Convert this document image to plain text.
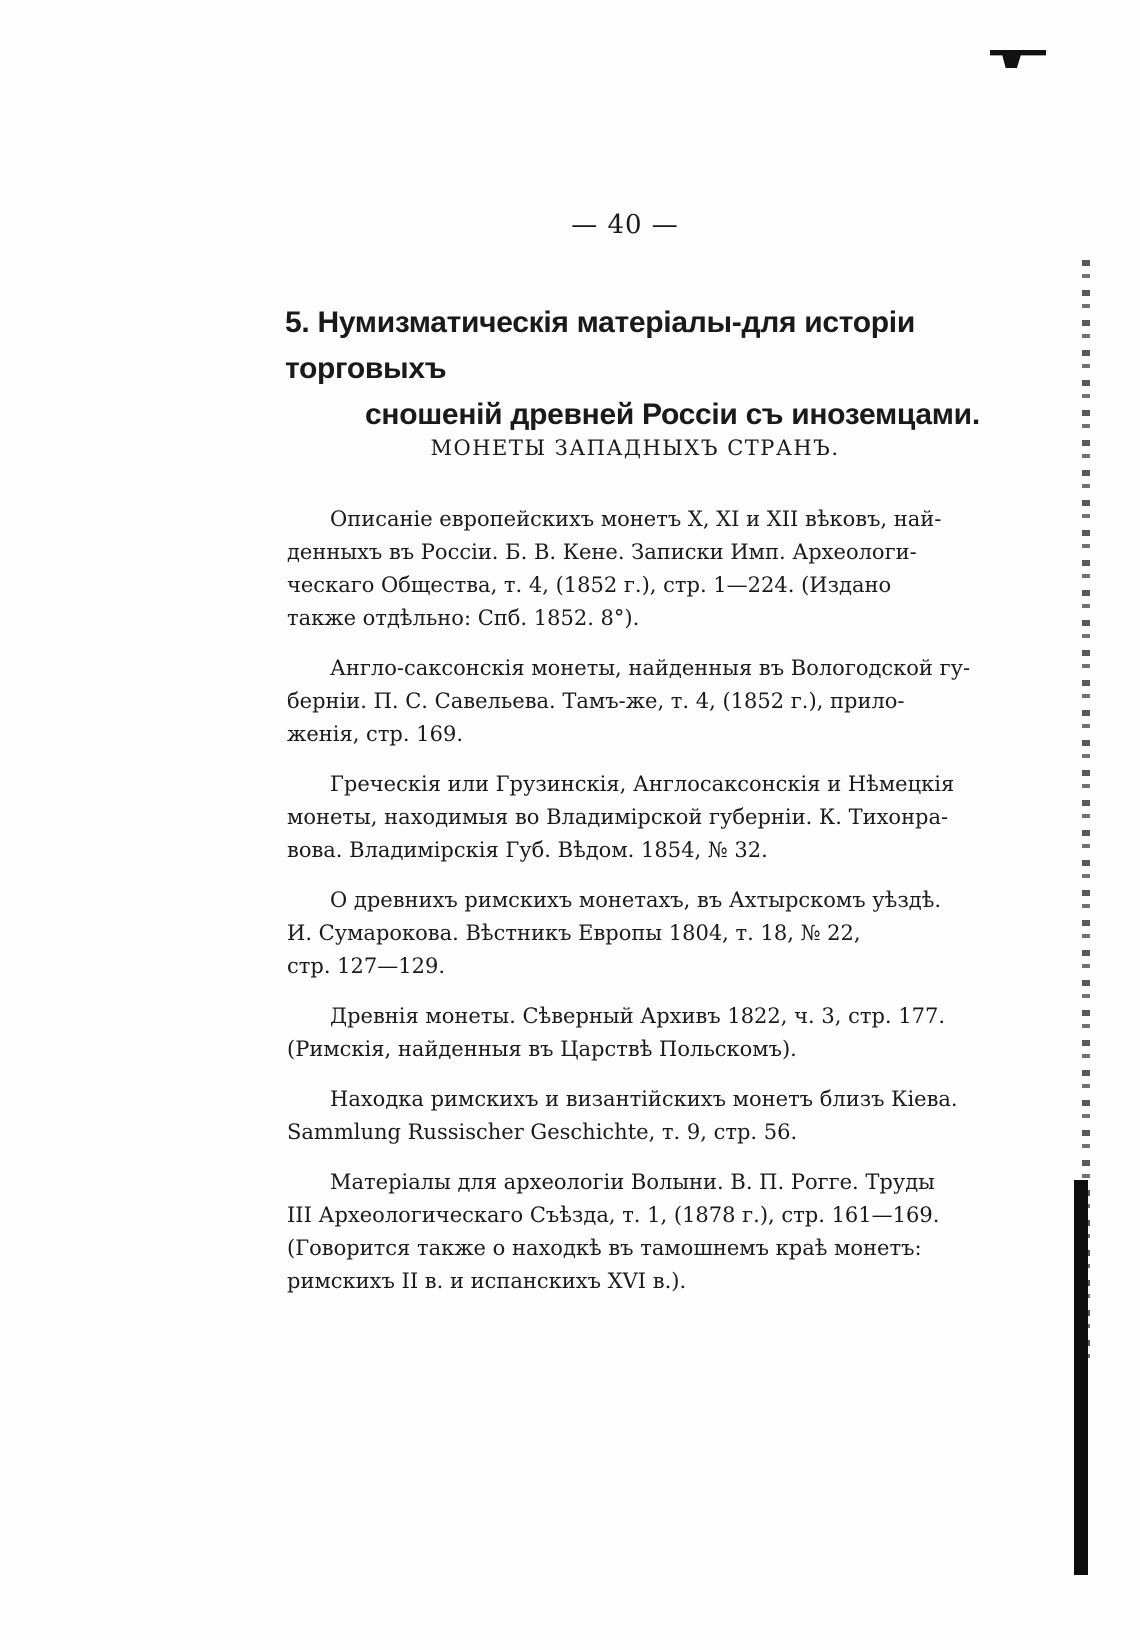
— 40 —
5. Нумизматическія матеріалы-для исторіи торговыхъ
сношеній древней Россіи съ иноземцами.
МОНЕТЫ ЗАПАДНЫХЪ СТРАНЪ.
Описаніе европейскихъ монетъ X, XI и XII вѣковъ, най-
денныхъ въ Россіи. Б. В. Кене. Записки Имп. Археологи-
ческаго Общества, т. 4, (1852 г.), стр. 1—224. (Издано
также отдѣльно: Спб. 1852. 8°).
Англо-саксонскія монеты, найденныя въ Вологодской гу-
берніи. П. С. Савельева. Тамъ-же, т. 4, (1852 г.), прило-
женія, стр. 169.
Греческія или Грузинскія, Англосаксонскія и Нѣмецкія
монеты, находимыя во Владимірской губерніи. К. Тихонра-
вова. Владимірскія Губ. Вѣдом. 1854, № 32.
О древнихъ римскихъ монетахъ, въ Ахтырскомъ уѣздѣ.
И. Сумарокова. Вѣстникъ Европы 1804, т. 18, № 22,
стр. 127—129.
Древнія монеты. Сѣверный Архивъ 1822, ч. 3, стр. 177.
(Римскія, найденныя въ Царствѣ Польскомъ).
Находка римскихъ и византійскихъ монетъ близъ Кіева.
Sammlung Russischer Geschichte, т. 9, стр. 56.
Матеріалы для археологіи Волыни. В. П. Рогге. Труды
III Археологическаго Съѣзда, т. 1, (1878 г.), стр. 161—169.
(Говорится также о находкѣ въ тамошнемъ краѣ монетъ:
римскихъ II в. и испанскихъ XVI в.).
